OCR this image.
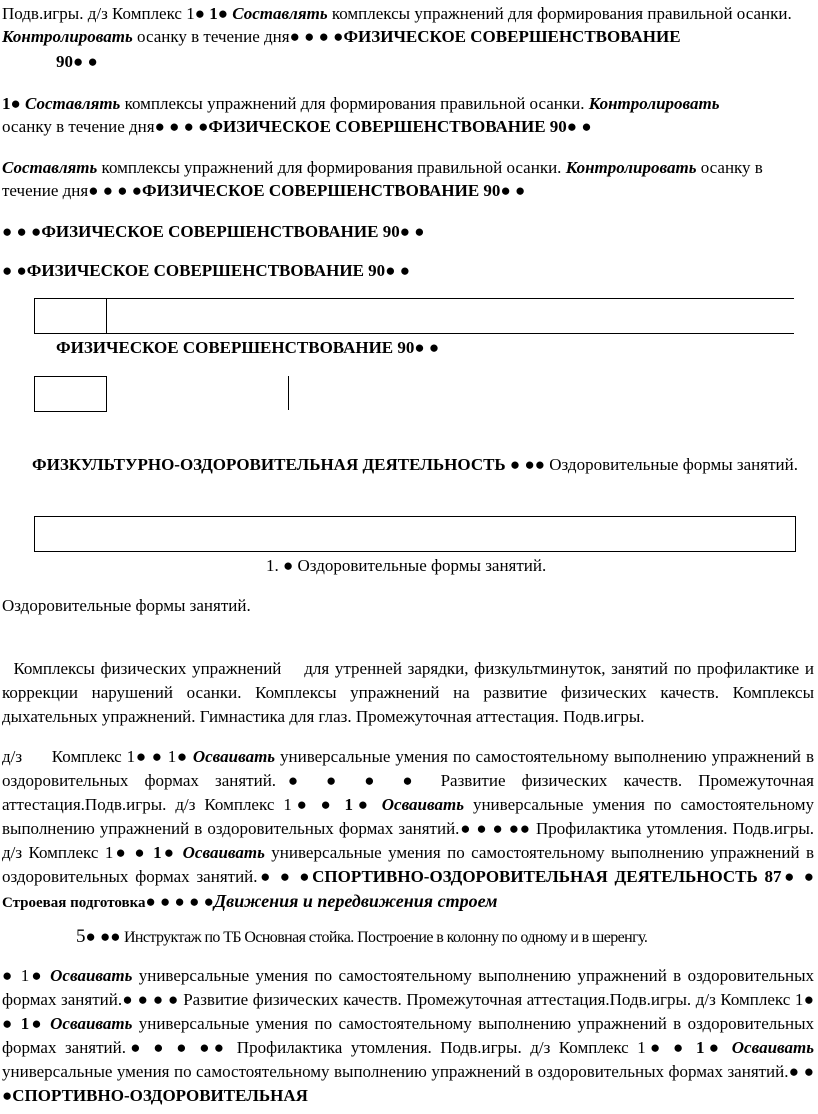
Подв.игры. д/з Комплекс 1● 1● Составлять комплексы упражнений для формирования правильной осанки. Контролировать осанку в течение дня● ● ● ●ФИЗИЧЕСКОЕ СОВЕРШЕНСТВОВАНИЕ
90● ●
1● Составлять комплексы упражнений для формирования правильной осанки. Контролировать
осанку в течение дня● ● ● ●ФИЗИЧЕСКОЕ СОВЕРШЕНСТВОВАНИЕ 90● ●
Составлять комплексы упражнений для формирования правильной осанки. Контролировать осанку в течение дня● ● ● ●ФИЗИЧЕСКОЕ СОВЕРШЕНСТВОВАНИЕ 90● ●
● ● ●ФИЗИЧЕСКОЕ СОВЕРШЕНСТВОВАНИЕ 90● ●
● ●ФИЗИЧЕСКОЕ СОВЕРШЕНСТВОВАНИЕ 90● ●
ФИЗИЧЕСКОЕ СОВЕРШЕНСТВОВАНИЕ 90● ●
ФИЗКУЛЬТУРНО-ОЗДОРОВИТЕЛЬНАЯ ДЕЯТЕЛЬНОСТЬ ● ●● Оздоровительные формы занятий.
1. ● Оздоровительные формы занятий.
Оздоровительные формы занятий.

Комплексы физических упражнений    для утренней зарядки, физкультминуток, занятий по профилактике и коррекции нарушений осанки. Комплексы упражнений на развитие физических качеств. Комплексы дыхательных упражнений. Гимнастика для глаз. Промежуточная аттестация. Подв.игры.

д/з      Комплекс 1● ● 1● Осваивать универсальные умения по самостоятельному выполнению упражнений в оздоровительных формах занятий.● ● ● ● Развитие физических качеств. Промежуточная аттестация.Подв.игры. д/з Комплекс 1● ● 1● Осваивать универсальные умения по самостоятельному выполнению упражнений в оздоровительных формах занятий.● ● ● ●● Профилактика утомления. Подв.игры. д/з Комплекс 1● ● 1● Осваивать универсальные умения по самостоятельному выполнению упражнений в оздоровительных формах занятий.● ● ●СПОРТИВНО-ОЗДОРОВИТЕЛЬНАЯ ДЕЯТЕЛЬНОСТЬ 87● ● Строевая подготовка● ● ● ● ●Движения и передвижения строем
5● ●● Инструктаж по ТБ Основная стойка. Построение в колонну по одному и в шеренгу.
● 1● Осваивать универсальные умения по самостоятельному выполнению упражнений в оздоровительных формах занятий.● ● ● ● Развитие физических качеств. Промежуточная аттестация.Подв.игры. д/з Комплекс 1● ● 1● Осваивать универсальные умения по самостоятельному выполнению упражнений в оздоровительных формах занятий.● ● ● ●● Профилактика утомления. Подв.игры. д/з Комплекс 1● ● 1● Осваивать универсальные умения по самостоятельному выполнению упражнений в оздоровительных формах занятий.● ● ●СПОРТИВНО-ОЗДОРОВИТЕЛЬНАЯ
